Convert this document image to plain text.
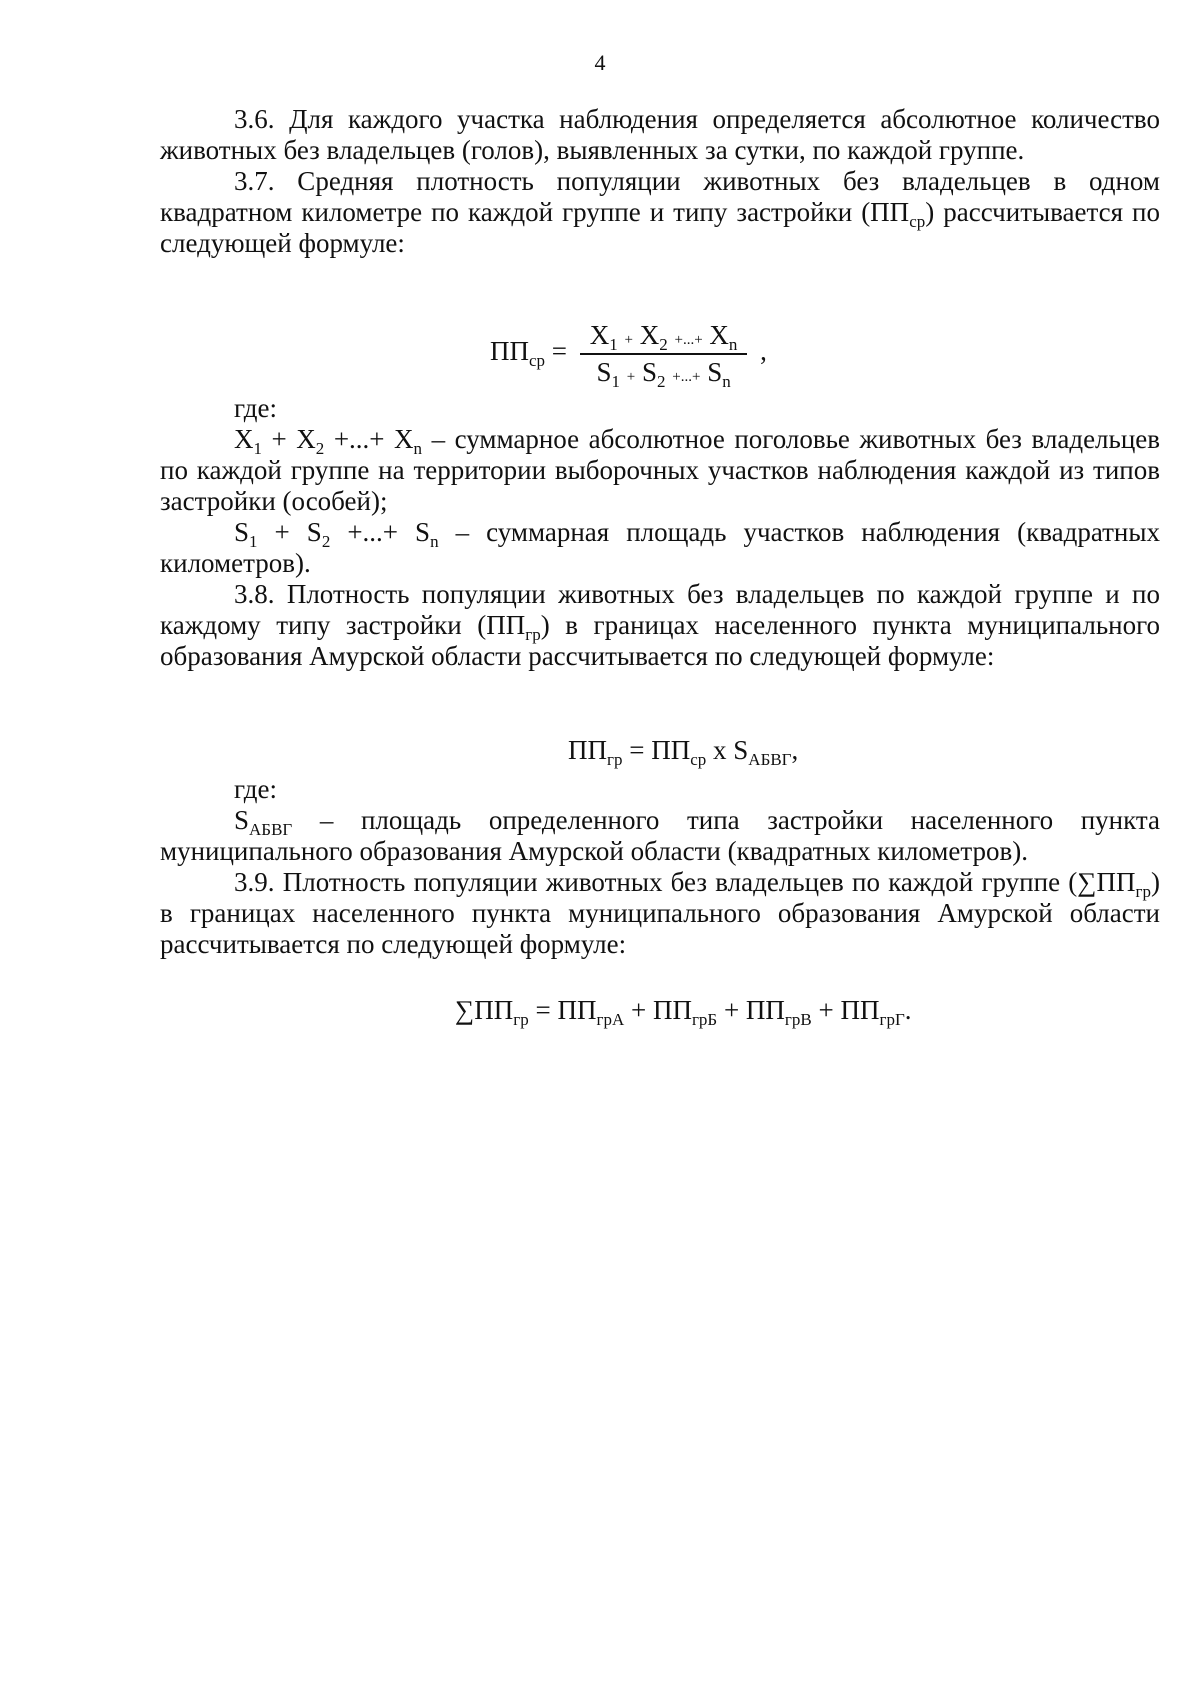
4

3.6. Для каждого участка наблюдения определяется абсолютное количество животных без владельцев (голов), выявленных за сутки, по каждой группе.

3.7. Средняя плотность популяции животных без владельцев в одном квадратном километре по каждой группе и типу застройки $(ПП_{ср})$ рассчитывается по следующей формуле:

$ПП_{ср} = \frac{X_1 + X_2 +...+ X_n}{S_1 + S_2 +...+ S_n}$ ,

где:

$X_1 + X_2$ +...+ $X_n$ – суммарное абсолютное поголовье животных без владельцев по каждой группе на территории выборочных участков наблюдения каждой из типов застройки (особей);

$S_1 + S_2$ +...+ $S_n$ – суммарная площадь участков наблюдения (квадратных километров).

3.8. Плотность популяции животных без владельцев по каждой группе и по каждому типу застройки $(ПП_{гр})$ в границах населенного пункта муниципального образования Амурской области рассчитывается по следующей формуле:

$ПП_{гр} = ПП_{ср}$ х $S_{АБВГ}$,

где:

$S_{АБВГ}$ – площадь определенного типа застройки населенного пункта муниципального образования Амурской области (квадратных километров).

3.9. Плотность популяции животных без владельцев по каждой группе $(\sum ПП_{гр})$ в границах населенного пункта муниципального образования Амурской области рассчитывается по следующей формуле:

$\sum ПП_{гр} = ПП_{грА} + ПП_{грБ} + ПП_{грВ} + ПП_{грГ}$.
